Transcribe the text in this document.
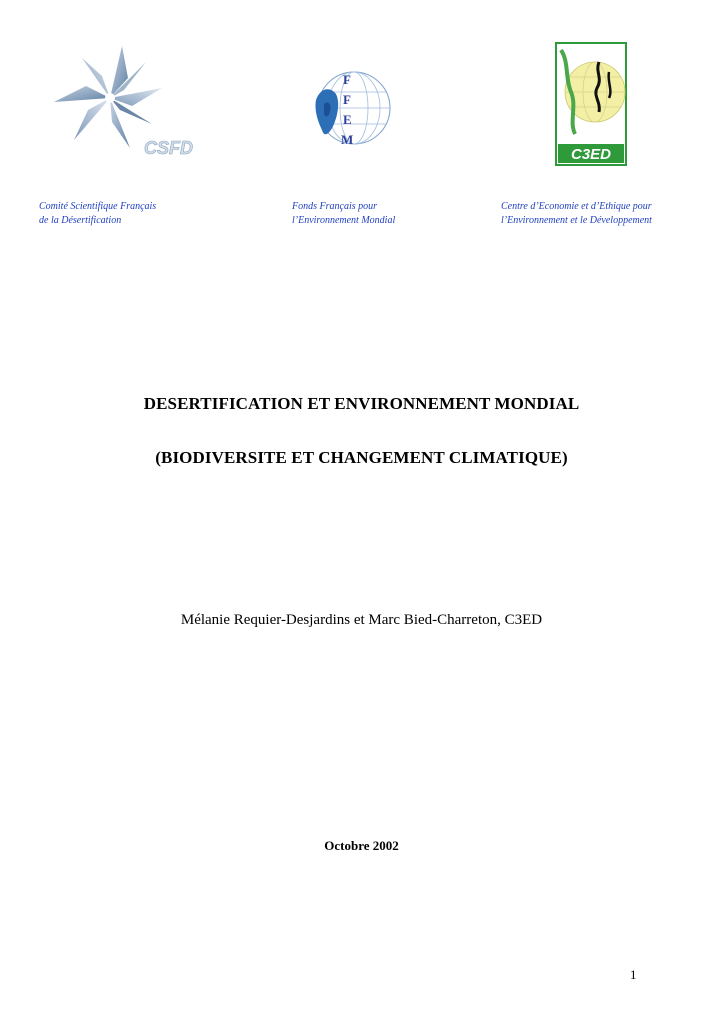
CSFD
F
F
E
M
C3ED
Comité Scientifique Français
de la Désertification
Fonds Français pour
l’Environnement Mondial
Centre d’Economie et d’Ethique pour
l’Environnement et le Développement
DESERTIFICATION ET ENVIRONNEMENT MONDIAL
(BIODIVERSITE ET CHANGEMENT CLIMATIQUE)
Mélanie Requier-Desjardins et Marc Bied-Charreton, C3ED
Octobre 2002
1
